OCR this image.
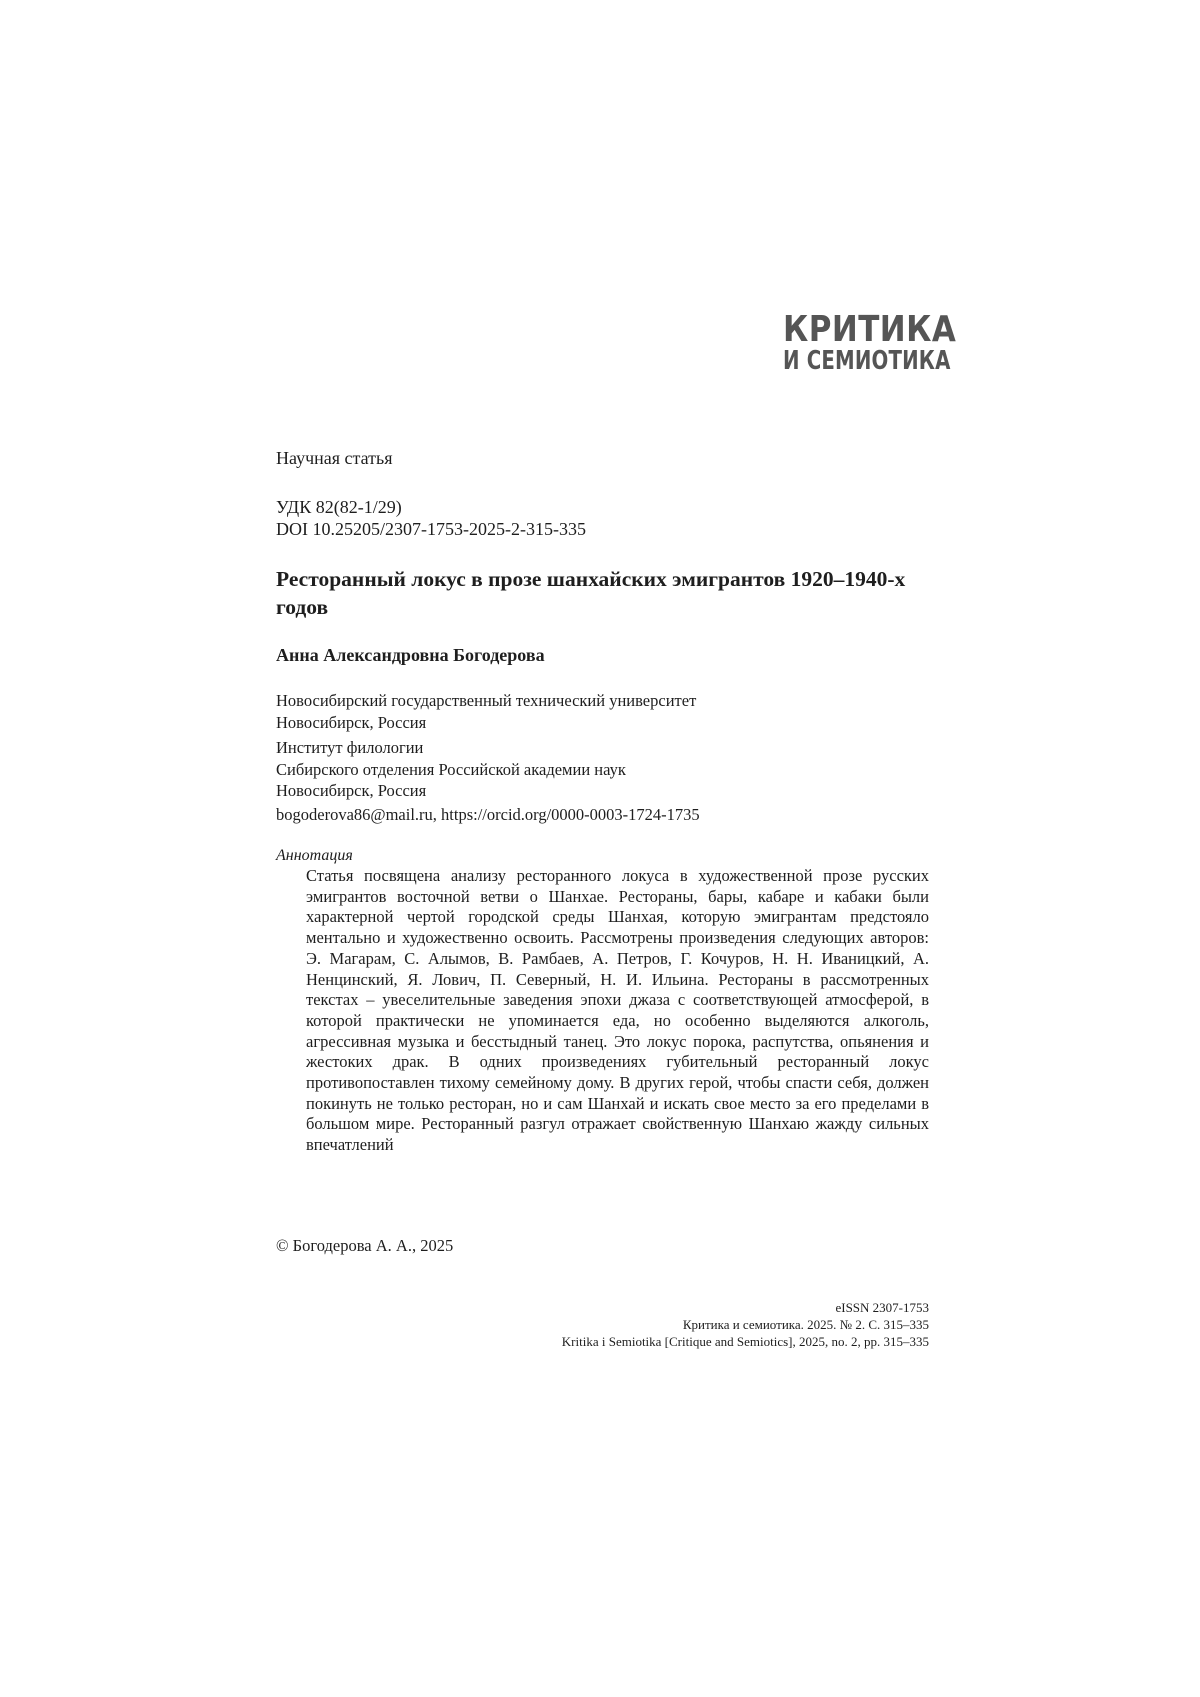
КРИТИКА
И СЕМИОТИКА
Научная статья
УДК 82(82-1/29)
DOI 10.25205/2307-1753-2025-2-315-335
Ресторанный локус в прозе шанхайских эмигрантов 1920–1940-х годов
Анна Александровна Богодерова
Новосибирский государственный технический университет
Новосибирск, Россия
Институт филологии
Сибирского отделения Российской академии наук
Новосибирск, Россия
bogoderova86@mail.ru, https://orcid.org/0000-0003-1724-1735
Аннотация
Статья посвящена анализу ресторанного локуса в художественной прозе рус­ских эмигрантов восточной ветви о Шанхае. Рестораны, бары, кабаре и кабаки были характерной чертой городской среды Шанхая, которую эмигрантам пред­стояло ментально и художественно освоить. Рассмотрены произведения сле­дующих авторов: Э. Магарам, С. Алымов, В. Рамбаев, А. Петров, Г. Кочуров, Н. Н. Иваницкий, А. Ненцинский, Я. Лович, П. Северный, Н. И. Ильина. Ресто­раны в рассмотренных текстах – увеселительные заведения эпохи джаза с соот­ветствующей атмосферой, в которой практически не упоминается еда, но осо­бенно выделяются алкоголь, агрессивная музыка и бесстыдный танец. Это локус порока, распутства, опьянения и жестоких драк. В одних произведениях губительный ресторанный локус противопоставлен тихому семейному дому. В других герой, чтобы спасти себя, должен покинуть не только ресторан, но и сам Шанхай и искать свое место за его пределами в большом мире. Ресторан­ный разгул отражает свойственную Шанхаю жажду сильных впечатлений
© Богодерова А. А., 2025
eISSN 2307-1753
Критика и семиотика. 2025. № 2. С. 315–335
Kritika i Semiotika [Critique and Semiotics], 2025, no. 2, pp. 315–335
